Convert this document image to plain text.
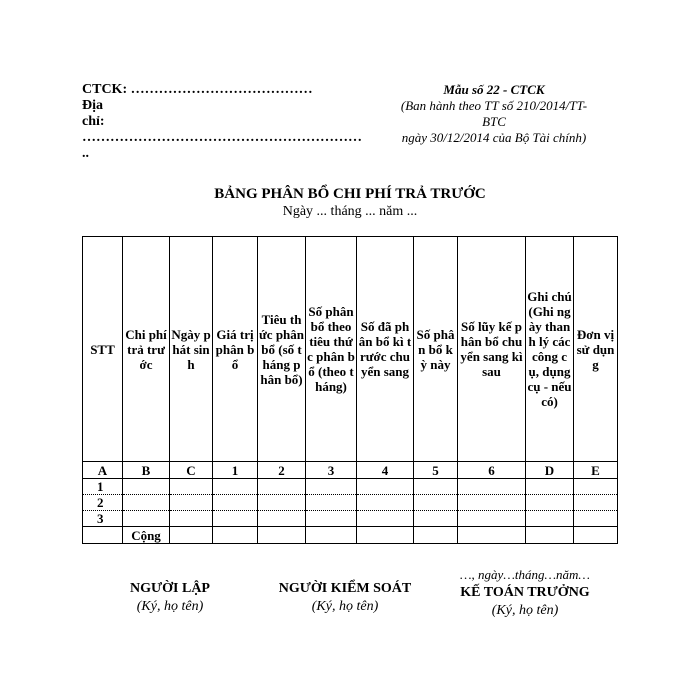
CTCK: …………………………………
Địa
chỉ: ……………………………………………………
..
Mẫu số 22 - CTCK
(Ban hành theo TT số 210/2014/TT-
BTC
ngày 30/12/2014 của Bộ Tài chính)
BẢNG PHÂN BỔ CHI PHÍ TRẢ TRƯỚC
Ngày ... tháng ... năm ...
STT	Chi phí trả trước	Ngày phát sinh	Giá trị phân bổ	Tiêu thức phân bổ (số tháng phân bổ)	Số phân bổ theo tiêu thức phân bổ (theo tháng)	Số đã phân bổ kì trước chuyển sang	Số phân bổ kỳ này	Số lũy kế phân bổ chuyển sang kì sau	Ghi chú (Ghi ngày thanh lý các công cụ, dụng cụ - nếu có)	Đơn vị sử dụng
A	B	C	1	2	3	4	5	6	D	E
1										
2										
3										
	Cộng									
NGƯỜI LẬP
(Ký, họ tên)
NGƯỜI KIỂM SOÁT
(Ký, họ tên)
…, ngày…tháng…năm…
KẾ TOÁN TRƯỞNG
(Ký, họ tên)
